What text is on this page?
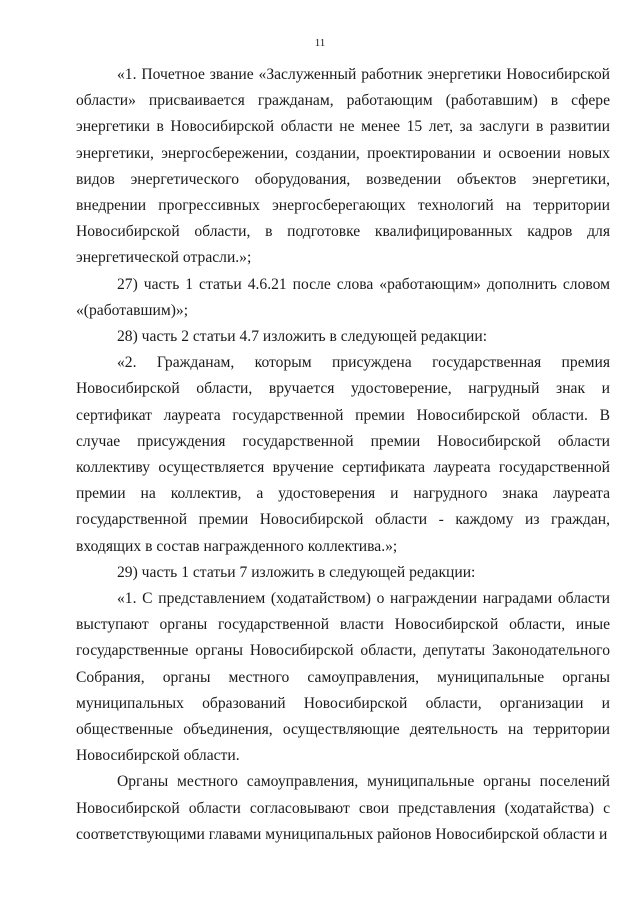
11

«1. Почетное звание «Заслуженный работник энергетики Новосибирской области» присваивается гражданам, работающим (работавшим) в сфере энергетики в Новосибирской области не менее 15 лет, за заслуги в развитии энергетики, энергосбережении, создании, проектировании и освоении новых видов энергетического оборудования, возведении объектов энергетики, внедрении прогрессивных энергосберегающих технологий на территории Новосибирской области, в подготовке квалифицированных кадров для энергетической отрасли.»;

27) часть 1 статьи 4.6.21 после слова «работающим» дополнить словом «(работавшим)»;

28) часть 2 статьи 4.7 изложить в следующей редакции:

«2. Гражданам, которым присуждена государственная премия Новосибирской области, вручается удостоверение, нагрудный знак и сертификат лауреата государственной премии Новосибирской области. В случае присуждения государственной премии Новосибирской области коллективу осуществляется вручение сертификата лауреата государственной премии на коллектив, а удостоверения и нагрудного знака лауреата государственной премии Новосибирской области - каждому из граждан, входящих в состав награжденного коллектива.»;

29) часть 1 статьи 7 изложить в следующей редакции:

«1. С представлением (ходатайством) о награждении наградами области выступают органы государственной власти Новосибирской области, иные государственные органы Новосибирской области, депутаты Законодательного Собрания, органы местного самоуправления, муниципальные органы муниципальных образований Новосибирской области, организации и общественные объединения, осуществляющие деятельность на территории Новосибирской области.

Органы местного самоуправления, муниципальные органы поселений Новосибирской области согласовывают свои представления (ходатайства) с соответствующими главами муниципальных районов Новосибирской области и
